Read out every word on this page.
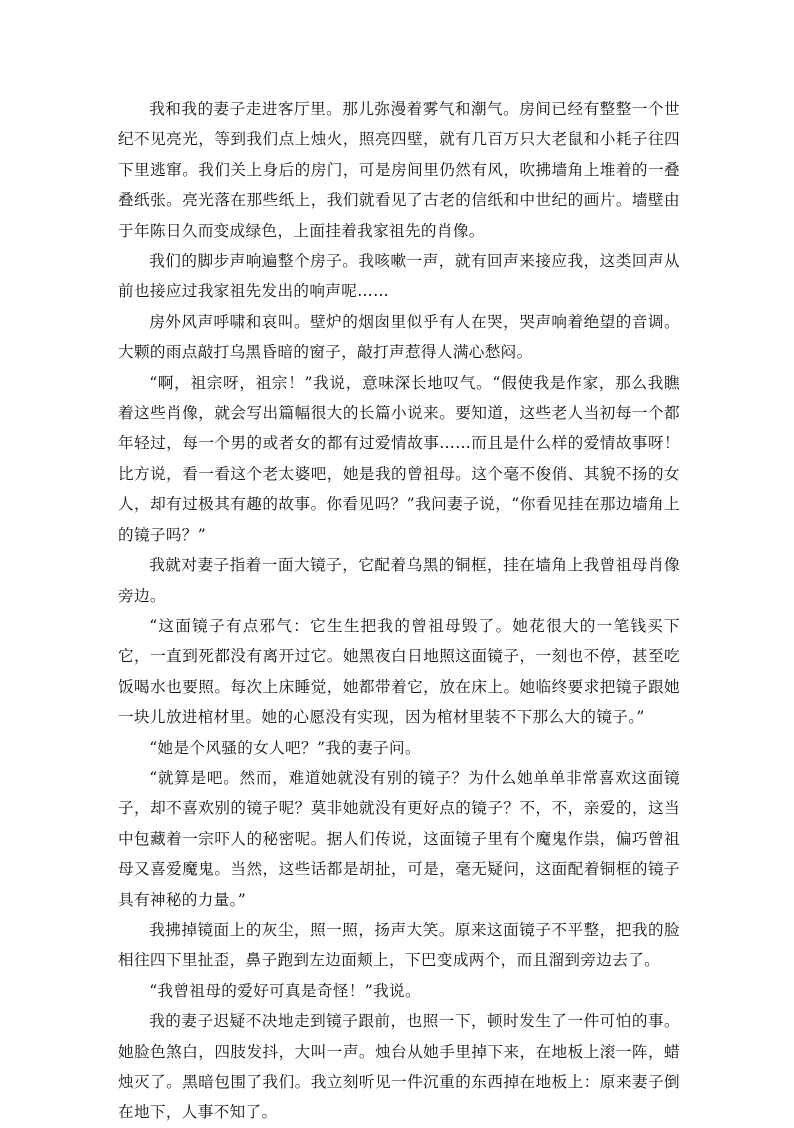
我和我的妻子走进客厅里。那儿弥漫着雾气和潮气。房间已经有整整一个世纪不见亮光，等到我们点上烛火，照亮四壁，就有几百万只大老鼠和小耗子往四下里逃窜。我们关上身后的房门，可是房间里仍然有风，吹拂墙角上堆着的一叠叠纸张。亮光落在那些纸上，我们就看见了古老的信纸和中世纪的画片。墙壁由于年陈日久而变成绿色，上面挂着我家祖先的肖像。

我们的脚步声响遍整个房子。我咳嗽一声，就有回声来接应我，这类回声从前也接应过我家祖先发出的响声呢……

房外风声呼啸和哀叫。壁炉的烟囱里似乎有人在哭，哭声响着绝望的音调。大颗的雨点敲打乌黑昏暗的窗子，敲打声惹得人满心愁闷。

“啊，祖宗呀，祖宗！”我说，意味深长地叹气。“假使我是作家，那么我瞧着这些肖像，就会写出篇幅很大的长篇小说来。要知道，这些老人当初每一个都年轻过，每一个男的或者女的都有过爱情故事……而且是什么样的爱情故事呀！比方说，看一看这个老太婆吧，她是我的曾祖母。这个毫不俊俏、其貌不扬的女人，却有过极其有趣的故事。你看见吗？”我问妻子说，“你看见挂在那边墙角上的镜子吗？”

我就对妻子指着一面大镜子，它配着乌黑的铜框，挂在墙角上我曾祖母肖像旁边。

“这面镜子有点邪气：它生生把我的曾祖母毁了。她花很大的一笔钱买下它，一直到死都没有离开过它。她黑夜白日地照这面镜子，一刻也不停，甚至吃饭喝水也要照。每次上床睡觉，她都带着它，放在床上。她临终要求把镜子跟她一块儿放进棺材里。她的心愿没有实现，因为棺材里装不下那么大的镜子。”

“她是个风骚的女人吧？”我的妻子问。

“就算是吧。然而，难道她就没有别的镜子？为什么她单单非常喜欢这面镜子，却不喜欢别的镜子呢？莫非她就没有更好点的镜子？不，不，亲爱的，这当中包藏着一宗吓人的秘密呢。据人们传说，这面镜子里有个魔鬼作祟，偏巧曾祖母又喜爱魔鬼。当然，这些话都是胡扯，可是，毫无疑问，这面配着铜框的镜子具有神秘的力量。”

我拂掉镜面上的灰尘，照一照，扬声大笑。原来这面镜子不平整，把我的脸相往四下里扯歪，鼻子跑到左边面颊上，下巴变成两个，而且溜到旁边去了。

“我曾祖母的爱好可真是奇怪！”我说。

我的妻子迟疑不决地走到镜子跟前，也照一下，顿时发生了一件可怕的事。她脸色煞白，四肢发抖，大叫一声。烛台从她手里掉下来，在地板上滚一阵，蜡烛灭了。黑暗包围了我们。我立刻听见一件沉重的东西掉在地板上：原来妻子倒在地下，人事不知了。
